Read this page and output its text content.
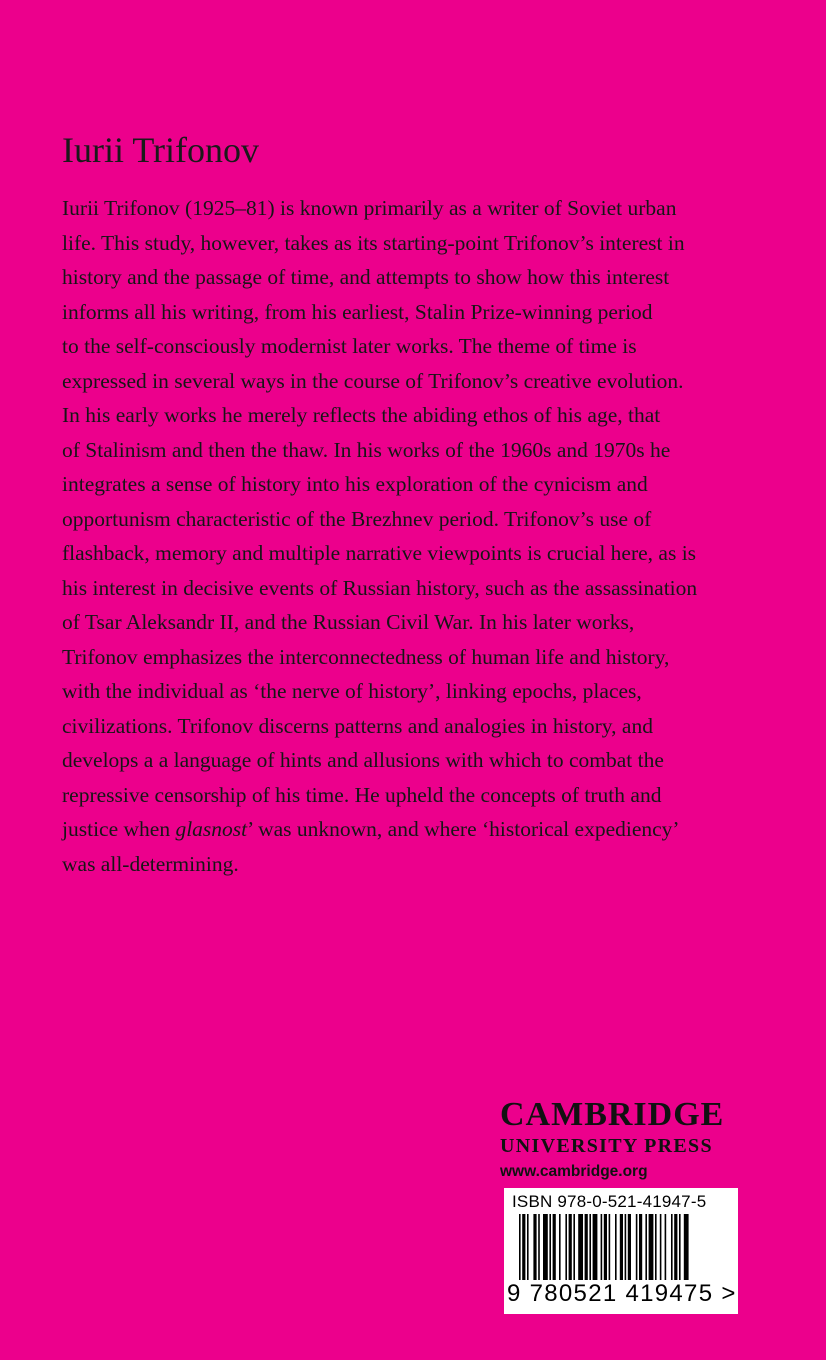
Iurii Trifonov

Iurii Trifonov (1925–81) is known primarily as a writer of Soviet urban
life. This study, however, takes as its starting-point Trifonov’s interest in
history and the passage of time, and attempts to show how this interest
informs all his writing, from his earliest, Stalin Prize-winning period
to the self-consciously modernist later works. The theme of time is
expressed in several ways in the course of Trifonov’s creative evolution.
In his early works he merely reflects the abiding ethos of his age, that
of Stalinism and then the thaw. In his works of the 1960s and 1970s he
integrates a sense of history into his exploration of the cynicism and
opportunism characteristic of the Brezhnev period. Trifonov’s use of
flashback, memory and multiple narrative viewpoints is crucial here, as is
his interest in decisive events of Russian history, such as the assassination
of Tsar Aleksandr II, and the Russian Civil War. In his later works,
Trifonov emphasizes the interconnectedness of human life and history,
with the individual as ‘the nerve of history’, linking epochs, places,
civilizations. Trifonov discerns patterns and analogies in history, and
develops a a language of hints and allusions with which to combat the
repressive censorship of his time. He upheld the concepts of truth and
justice when glasnost’ was unknown, and where ‘historical expediency’
was all-determining.

CAMBRIDGE
UNIVERSITY PRESS
www.cambridge.org
ISBN 978-0-521-41947-5
9 780521 419475 >
